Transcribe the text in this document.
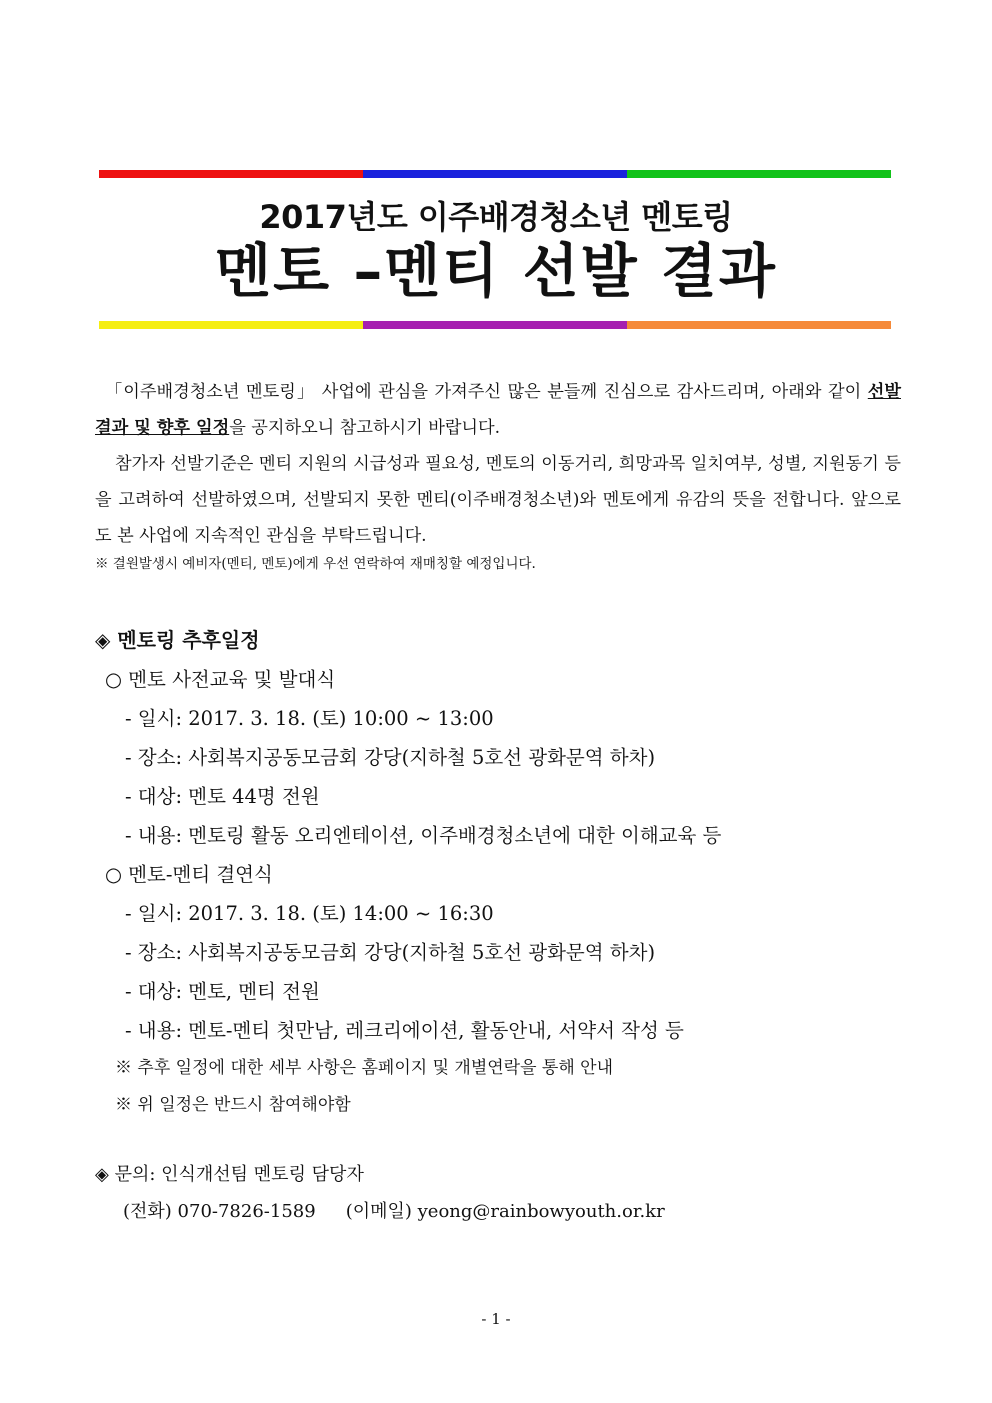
2017년도 이주배경청소년 멘토링
멘토 –멘티 선발 결과

「이주배경청소년 멘토링」 사업에 관심을 가져주신 많은 분들께 진심으로 감사드리며, 아래와 같이 선발결과 및 향후 일정을 공지하오니 참고하시기 바랍니다.

참가자 선발기준은 멘티 지원의 시급성과 필요성, 멘토의 이동거리, 희망과목 일치여부, 성별, 지원동기 등을 고려하여 선발하였으며, 선발되지 못한 멘티(이주배경청소년)와 멘토에게 유감의 뜻을 전합니다. 앞으로도 본 사업에 지속적인 관심을 부탁드립니다.

※ 결원발생시 예비자(멘티, 멘토)에게 우선 연락하여 재매칭할 예정입니다.

◈ 멘토링 추후일정
○ 멘토 사전교육 및 발대식
- 일시: 2017. 3. 18. (토) 10:00 ~ 13:00
- 장소: 사회복지공동모금회 강당(지하철 5호선 광화문역 하차)
- 대상: 멘토 44명 전원
- 내용: 멘토링 활동 오리엔테이션, 이주배경청소년에 대한 이해교육 등
○ 멘토-멘티 결연식
- 일시: 2017. 3. 18. (토) 14:00 ~ 16:30
- 장소: 사회복지공동모금회 강당(지하철 5호선 광화문역 하차)
- 대상: 멘토, 멘티 전원
- 내용: 멘토-멘티 첫만남, 레크리에이션, 활동안내, 서약서 작성 등
※ 추후 일정에 대한 세부 사항은 홈페이지 및 개별연락을 통해 안내
※ 위 일정은 반드시 참여해야함
◈ 문의: 인식개선팀 멘토링 담당자
(전화) 070-7826-1589 (이메일) yeong@rainbowyouth.or.kr
- 1 -
